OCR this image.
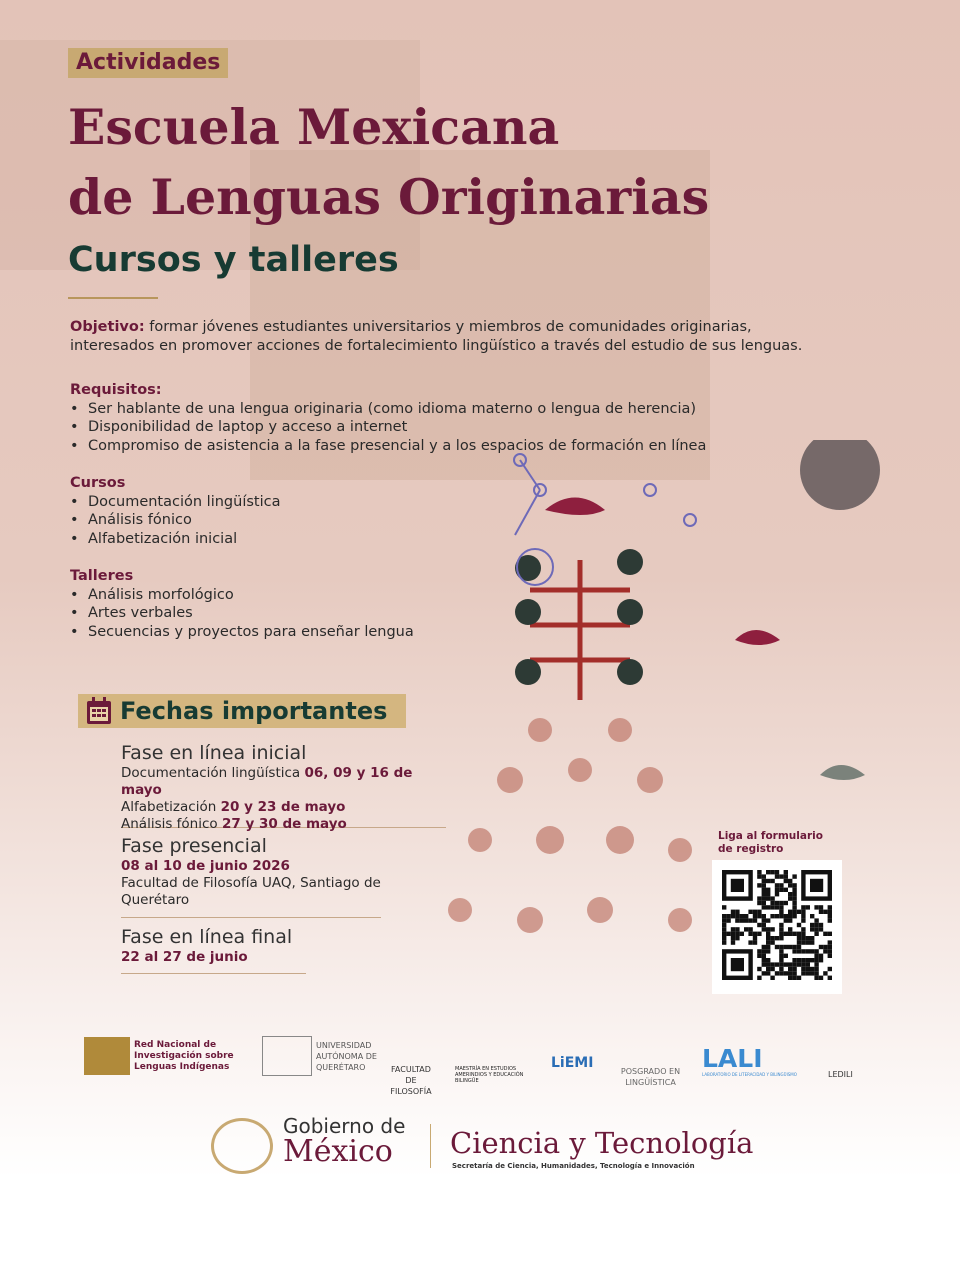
Actividades
Escuela Mexicana
de Lenguas Originarias
Cursos y talleres
Objetivo: formar jóvenes estudiantes universitarios y miembros de comunidades originarias, interesados en promover acciones de fortalecimiento lingüístico a través del estudio de sus lenguas.
Requisitos:
• Ser hablante de una lengua originaria (como idioma materno o lengua de herencia)
• Disponibilidad de laptop y acceso a internet
• Compromiso de asistencia a la fase presencial y a los espacios de formación en línea
Cursos
• Documentación lingüística
• Análisis fónico
• Alfabetización inicial
Talleres
• Análisis morfológico
• Artes verbales
• Secuencias y proyectos para enseñar lengua
Fechas importantes
Fase en línea inicial
Documentación lingüística 06, 09 y 16 de mayo
Alfabetización 20 y 23 de mayo
Análisis fónico 27 y 30 de mayo
Fase presencial
08 al 10 de junio 2026
Facultad de Filosofía UAQ, Santiago de Querétaro
Fase en línea final
22 al 27 de junio
Liga al formulario de registro
Red Nacional de Investigación sobre Lenguas Indígenas
UNIVERSIDAD AUTÓNOMA DE QUERÉTARO	FACULTAD DE FILOSOFÍA
MAESTRÍA EN ESTUDIOS AMERINDIOS Y EDUCACIÓN BILINGÜE
LiEMI
POSGRADO EN LINGÜÍSTICA
LALI
LABORATORIO DE LITERACIDAD Y BILINGÜISMO	LEDILI
Gobierno de
México Ciencia y Tecnología
Secretaría de Ciencia, Humanidades, Tecnología e Innovación
